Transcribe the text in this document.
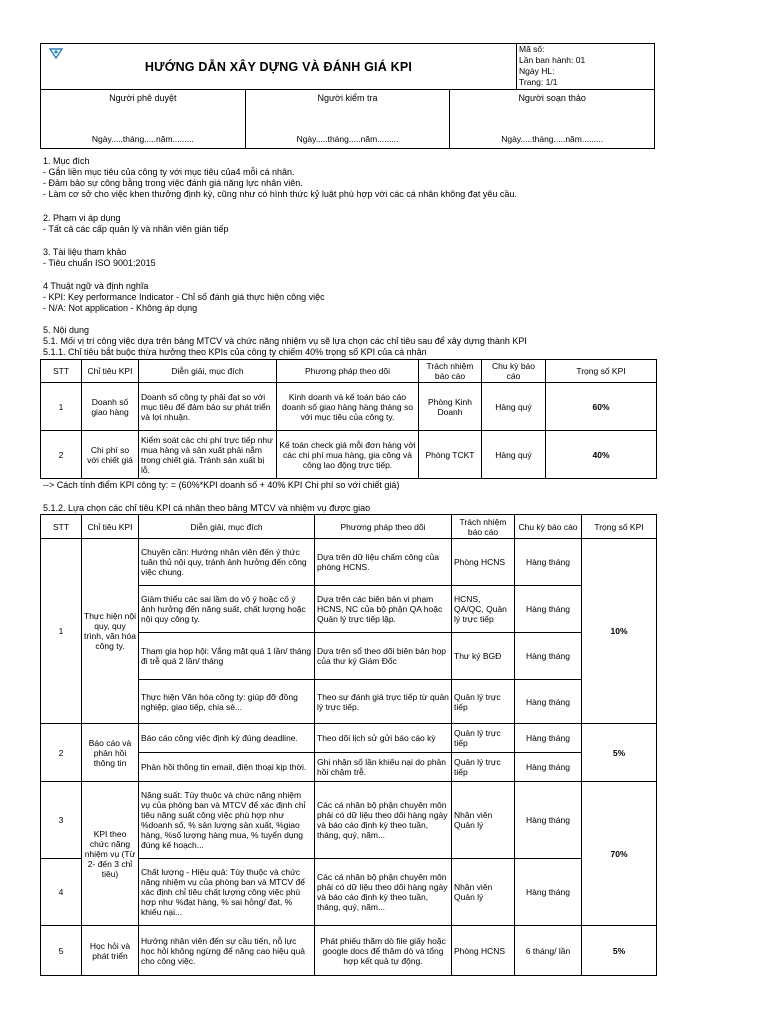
HƯỚNG DẪN XÂY DỰNG VÀ ĐÁNH GIÁ KPI
Mã số:
Lần ban hành: 01
Ngày HL:
Trang: 1/1
Người phê duyệt
Ngày.....tháng.....năm.........
Người kiểm tra
Ngày.....tháng.....năm.........
Người soạn thảo
Ngày.....tháng.....năm.........
1. Mục đích
- Gắn liền mục tiêu của công ty với mục tiêu của4 mỗi cá nhân.
- Đảm bảo sự công bằng trong việc đánh giá năng lực nhân viên.
- Làm cơ sở cho việc khen thưởng định kỳ, cũng như có hình thức kỷ luật phù hợp với các cá nhân không đạt yêu cầu.
2. Phạm vi áp dụng
- Tất cả các cấp quản lý và nhân viên gián tiếp
3. Tài liệu tham khảo
- Tiêu chuẩn ISO 9001:2015
4 Thuật ngữ và định nghĩa
- KPI: Key performance Indicator - Chỉ số đánh giá thực hiện công việc
- N/A: Not application - Không áp dụng
5. Nội dung
5.1. Mối vị trí công việc dựa trên bảng MTCV và chức năng nhiệm vụ sẽ lựa chọn các chỉ tiêu sau để xây dựng thành KPI
5.1.1. Chỉ tiêu bắt buộc thừa hưởng theo KPIs của công ty chiếm 40% trọng số KPI của cá nhân
STT	Chỉ tiêu KPI	Diễn giải, mục đích	Phương pháp theo dõi	Trách nhiệm báo cáo	Chu kỳ báo cáo	Trọng số KPI
1	Doanh số giao hàng	Doanh số công ty phải đạt so với mục tiêu để đảm bảo sự phát triển và lợi nhuận.	Kinh doanh và kế toán báo cáo doanh số giao hàng hàng tháng so với mục tiêu của công ty.	Phòng Kinh Doanh	Hàng quý	60%
2	Chi phí so với chiết giá	Kiểm soát các chi phí trực tiếp như mua hàng và sản xuất phải nằm trong chiết giá. Tránh sản xuất bị lỗ.	Kế toán check giá mỗi đơn hàng với các chi phí mua hàng, gia công và công lao động trực tiếp.	Phòng TCKT	Hàng quý	40%
--> Cách tính điểm KPI công ty: = (60%*KPI doanh số + 40% KPI Chi phí so với chiết giá)
5.1.2. Lựa chọn các chỉ tiêu KPI cá nhân theo bảng MTCV và nhiệm vụ được giao
STT	Chỉ tiêu KPI	Diễn giải, mục đích	Phương pháp theo dõi	Trách nhiệm báo cáo	Chu kỳ báo cáo	Trọng số KPI
1	Thực hiện nội quy, quy trình, văn hóa công ty.	Chuyên cần: Hướng nhân viên đến ý thức tuân thủ nội quy, tránh ảnh hưởng đến công việc chung.	Dựa trên dữ liệu chấm công của phòng HCNS.	Phòng HCNS	Hàng tháng	10%
		Giảm thiểu các sai lầm do vô ý hoặc cố ý ảnh hưởng đến năng suất, chất lượng hoặc nội quy công ty.	Dựa trên các biên bản vi phạm HCNS, NC của bộ phận QA hoặc Quản lý trực tiếp lập.	HCNS, QA/QC, Quản lý trực tiếp	Hàng tháng	
		Tham gia họp hội: Vắng mặt quá 1 lần/ tháng đi trễ quá 2 lần/ tháng	Dựa trên sổ theo dõi biên bản họp của thư ký Giám Đốc	Thư ký BGĐ	Hàng tháng	
		Thực hiện Văn hóa công ty: giúp đỡ đồng nghiệp, giao tiếp, chia sẻ...	Theo sự đánh giá trực tiếp từ quản lý trực tiếp.	Quản lý trực tiếp	Hàng tháng	
2	Báo cáo và phản hồi thông tin	Báo cáo công việc định kỳ đúng deadline.	Theo dõi lịch sử gửi báo cáo kỳ	Quản lý trực tiếp	Hàng tháng	5%
		Phản hồi thông tin email, điện thoại kịp thời.	Ghi nhận số lần khiếu nại do phản hồi chậm trễ.	Quản lý trực tiếp	Hàng tháng	
3	KPI theo chức năng nhiệm vụ (Từ 2- đến 3 chỉ tiêu)	Năng suất: Tùy thuộc và chức năng nhiệm vụ của phòng ban và MTCV để xác định chỉ tiêu năng suất công việc phù hợp như %doanh số, % sản lượng sản xuất, %giao hàng, %số lượng hàng mua, % tuyển dụng đúng kế hoạch...	Các cá nhân bộ phận chuyên môn phải có dữ liệu theo dõi hàng ngày và báo cáo định kỳ theo tuần, tháng, quý, năm...	Nhân viên Quản lý	Hàng tháng	70%
4		Chất lượng - Hiệu quả: Tùy thuộc và chức năng nhiệm vụ của phòng ban và MTCV để xác định chỉ tiêu chất lượng công việc phù hợp như %đạt hàng, % sai hỏng/ đạt, % khiếu nại...	Các cá nhân bộ phận chuyên môn phải có dữ liệu theo dõi hàng ngày và báo cáo định kỳ theo tuần, tháng, quý, năm...	Nhân viên Quản lý	Hàng tháng	
5	Học hỏi và phát triển	Hướng nhân viên đến sự cầu tiến, nỗ lực học hỏi không ngừng để nâng cao hiệu quả cho công việc.	Phát phiếu thăm dò file giấy hoặc google docs để thăm dò và tổng hợp kết quả tự động.	Phòng HCNS	6 tháng/ lần	5%
